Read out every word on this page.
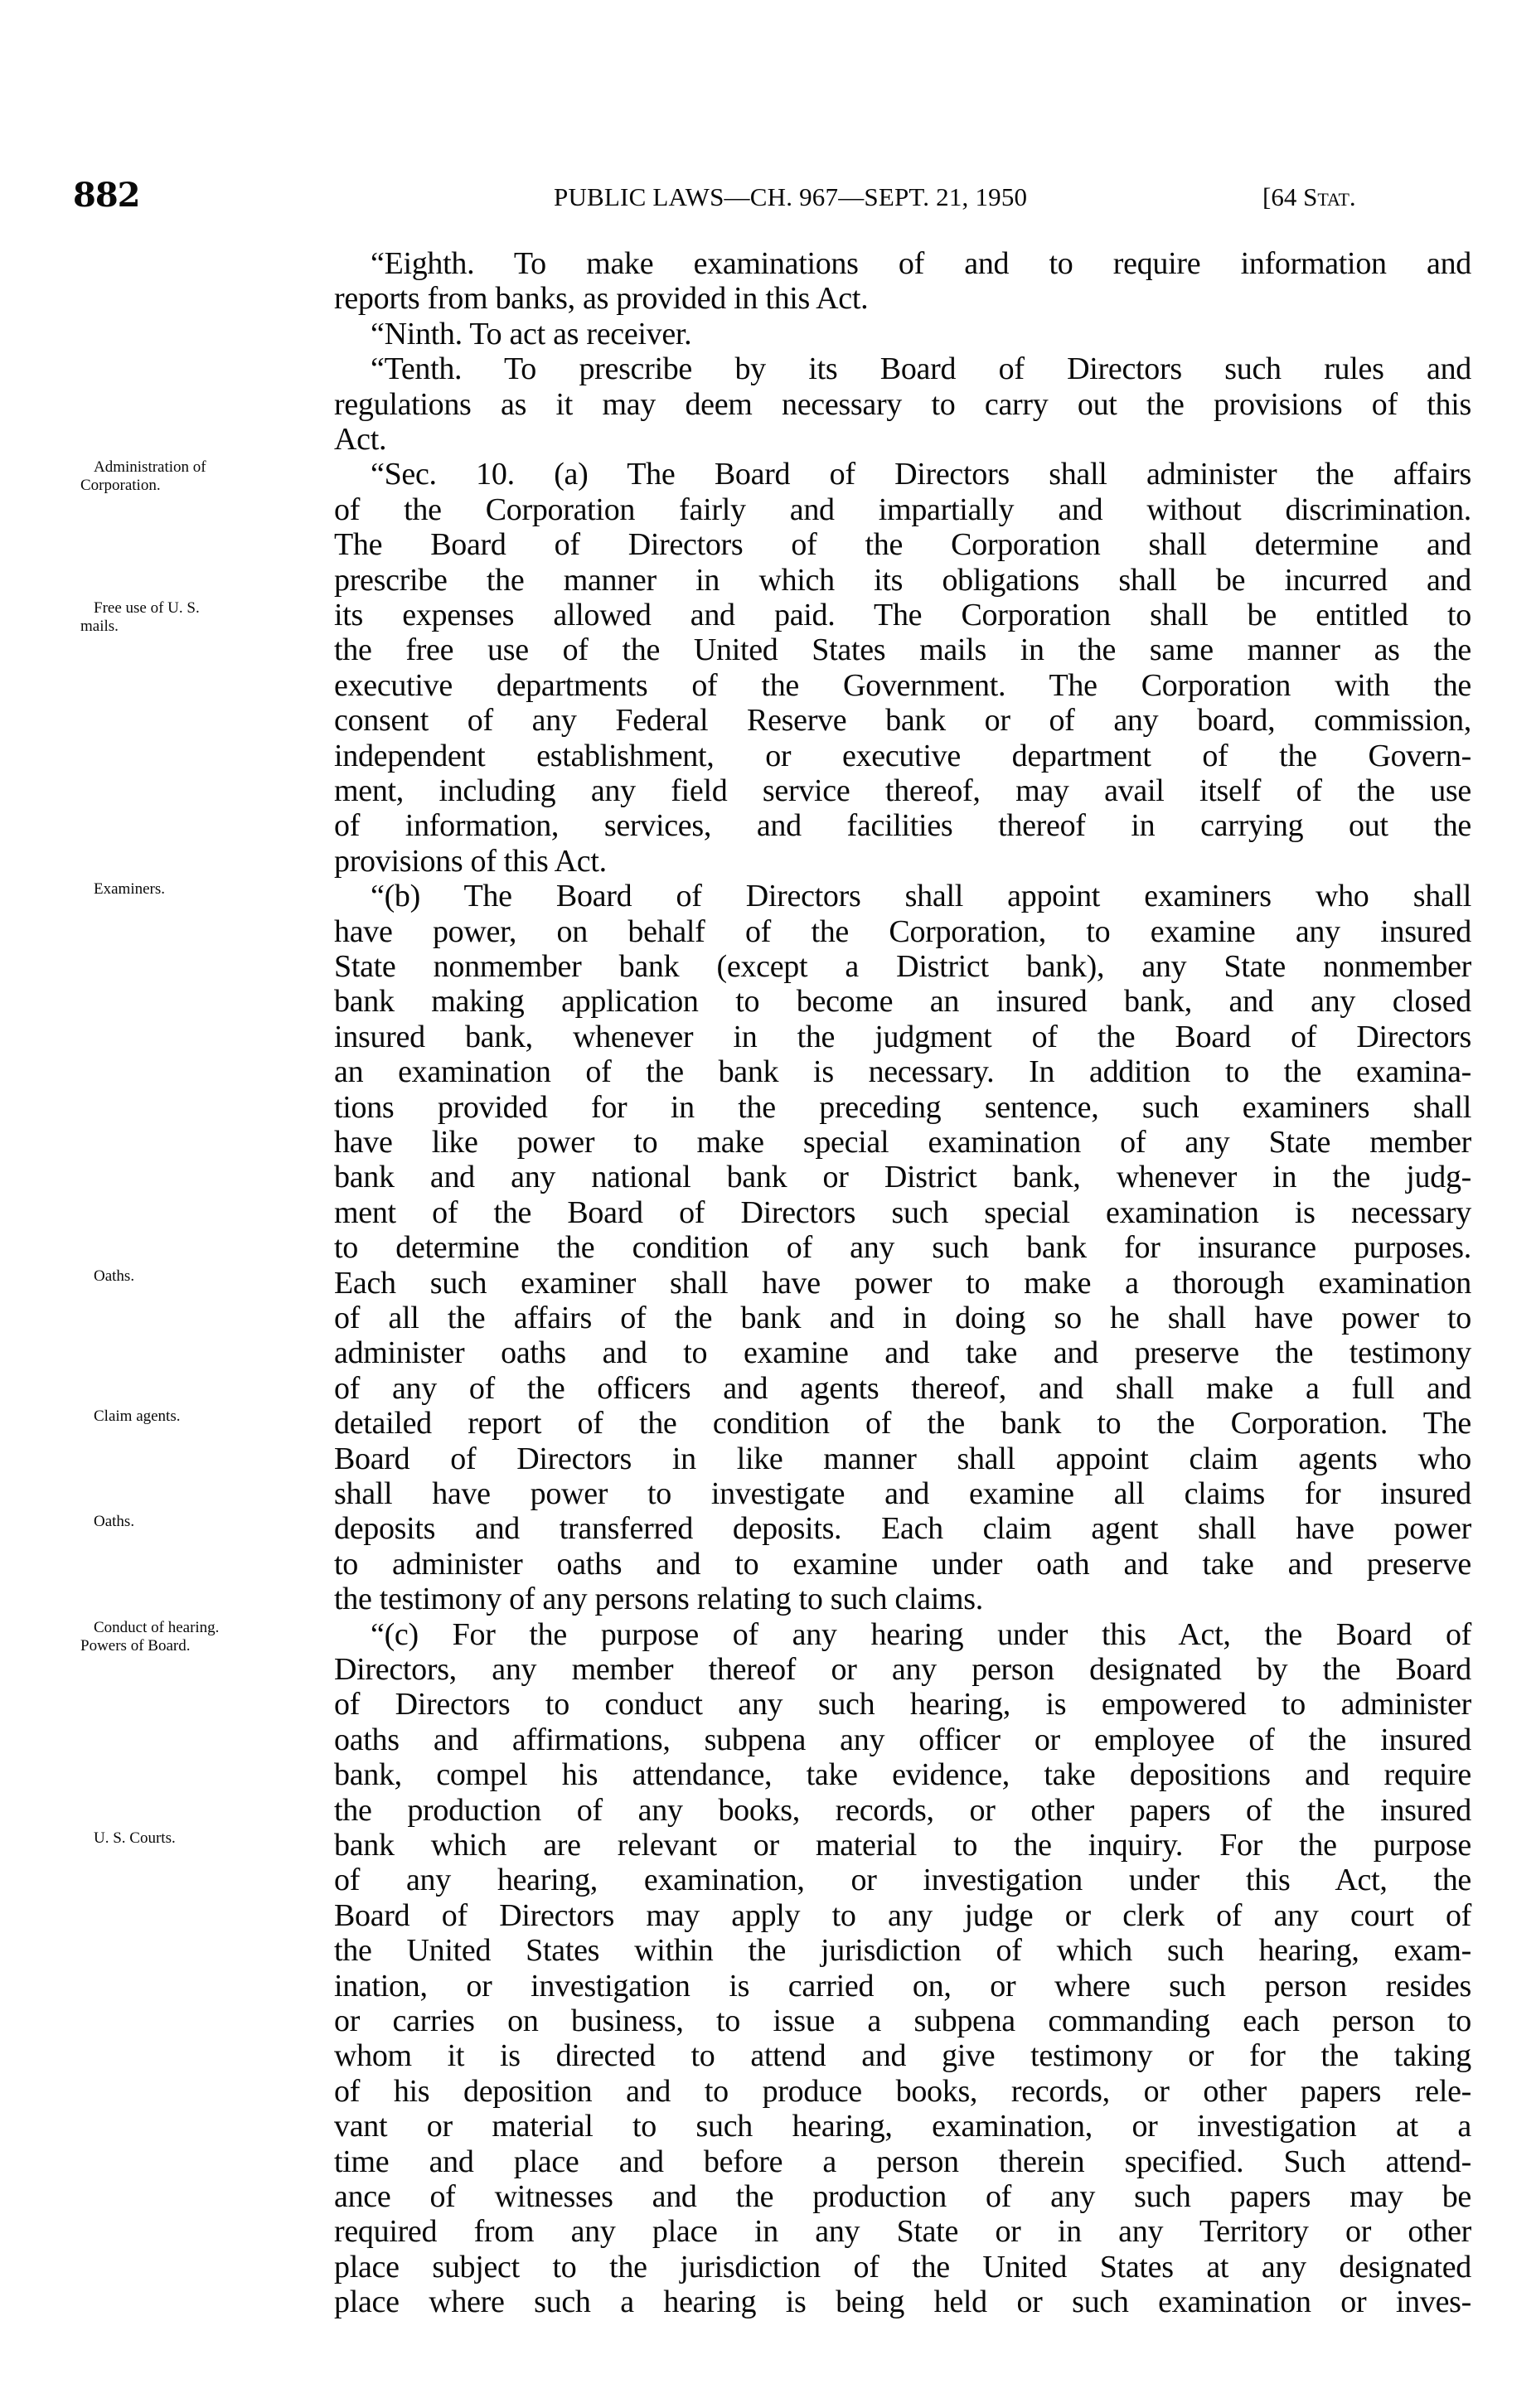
882	PUBLIC LAWS—CH. 967—SEPT. 21, 1950	[64 Stat.
Administration of
Corporation.
Free use of U. S.
mails.
Examiners.
Oaths.
Claim agents.
Oaths.
Conduct of hearing.
Powers of Board.
U. S. Courts.
“Eighth. To make examinations of and to require information and
reports from banks, as provided in this Act.
“Ninth. To act as receiver.
“Tenth. To prescribe by its Board of Directors such rules and
regulations as it may deem necessary to carry out the provisions of this
Act.
“Sec. 10. (a) The Board of Directors shall administer the affairs
of the Corporation fairly and impartially and without discrimination.
The Board of Directors of the Corporation shall determine and
prescribe the manner in which its obligations shall be incurred and
its expenses allowed and paid. The Corporation shall be entitled to
the free use of the United States mails in the same manner as the
executive departments of the Government. The Corporation with the
consent of any Federal Reserve bank or of any board, commission,
independent establishment, or executive department of the Govern-
ment, including any field service thereof, may avail itself of the use
of information, services, and facilities thereof in carrying out the
provisions of this Act.
“(b) The Board of Directors shall appoint examiners who shall
have power, on behalf of the Corporation, to examine any insured
State nonmember bank (except a District bank), any State nonmember
bank making application to become an insured bank, and any closed
insured bank, whenever in the judgment of the Board of Directors
an examination of the bank is necessary. In addition to the examina-
tions provided for in the preceding sentence, such examiners shall
have like power to make special examination of any State member
bank and any national bank or District bank, whenever in the judg-
ment of the Board of Directors such special examination is necessary
to determine the condition of any such bank for insurance purposes.
Each such examiner shall have power to make a thorough examination
of all the affairs of the bank and in doing so he shall have power to
administer oaths and to examine and take and preserve the testimony
of any of the officers and agents thereof, and shall make a full and
detailed report of the condition of the bank to the Corporation. The
Board of Directors in like manner shall appoint claim agents who
shall have power to investigate and examine all claims for insured
deposits and transferred deposits. Each claim agent shall have power
to administer oaths and to examine under oath and take and preserve
the testimony of any persons relating to such claims.
“(c) For the purpose of any hearing under this Act, the Board of
Directors, any member thereof or any person designated by the Board
of Directors to conduct any such hearing, is empowered to administer
oaths and affirmations, subpena any officer or employee of the insured
bank, compel his attendance, take evidence, take depositions and require
the production of any books, records, or other papers of the insured
bank which are relevant or material to the inquiry. For the purpose
of any hearing, examination, or investigation under this Act, the
Board of Directors may apply to any judge or clerk of any court of
the United States within the jurisdiction of which such hearing, exam-
ination, or investigation is carried on, or where such person resides
or carries on business, to issue a subpena commanding each person to
whom it is directed to attend and give testimony or for the taking
of his deposition and to produce books, records, or other papers rele-
vant or material to such hearing, examination, or investigation at a
time and place and before a person therein specified. Such attend-
ance of witnesses and the production of any such papers may be
required from any place in any State or in any Territory or other
place subject to the jurisdiction of the United States at any designated
place where such a hearing is being held or such examination or inves-
